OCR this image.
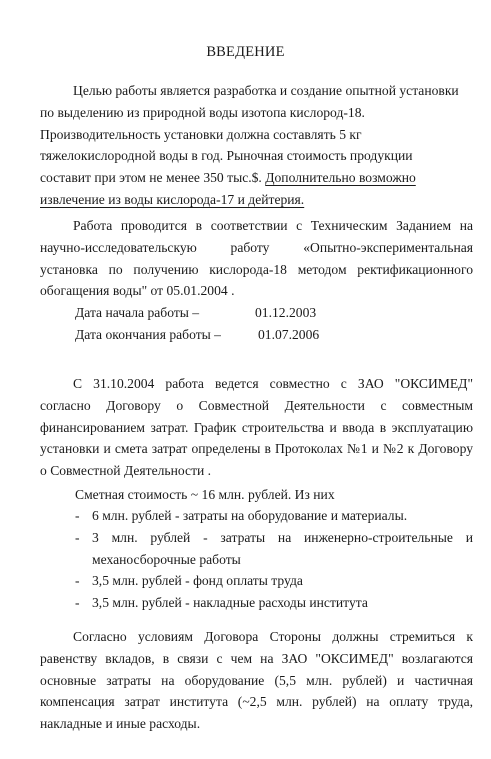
ВВЕДЕНИЕ
Целью работы является разработка и создание опытной установки
по выделению из природной воды изотопа кислород-18.
Производительность установки должна составлять 5 кг
тяжелокислородной воды в год. Рыночная стоимость продукции
составит при этом не менее 350 тыс.$. Дополнительно возможно
извлечение из воды кислорода-17 и дейтерия.

Работа проводится в соответствии с Техническим Заданием на научно-исследовательскую работу «Опытно-экспериментальная установка по получению кислорода-18 методом ректификационного обогащения воды" от 05.01.2004 .

Дата начала работы –	01.12.2003
Дата окончания работы –	01.07.2006

С 31.10.2004 работа ведется совместно с ЗАО "ОКСИМЕД" согласно Договору о Совместной Деятельности с совместным финансированием затрат. График строительства и ввода в эксплуатацию установки и смета затрат определены в Протоколах №1 и №2 к Договору о Совместной Деятельности .

Сметная стоимость ~ 16 млн. рублей. Из них
- 6 млн. рублей - затраты на оборудование и материалы.
- 3 млн. рублей - затраты на инженерно-строительные и механосборочные работы
- 3,5 млн. рублей - фонд оплаты труда
- 3,5 млн. рублей - накладные расходы института

Согласно условиям Договора Стороны должны стремиться к равенству вкладов, в связи с чем на ЗАО "ОКСИМЕД" возлагаются основные затраты на оборудование (5,5 млн. рублей) и частичная компенсация затрат института (~2,5 млн. рублей) на оплату труда, накладные и иные расходы.
